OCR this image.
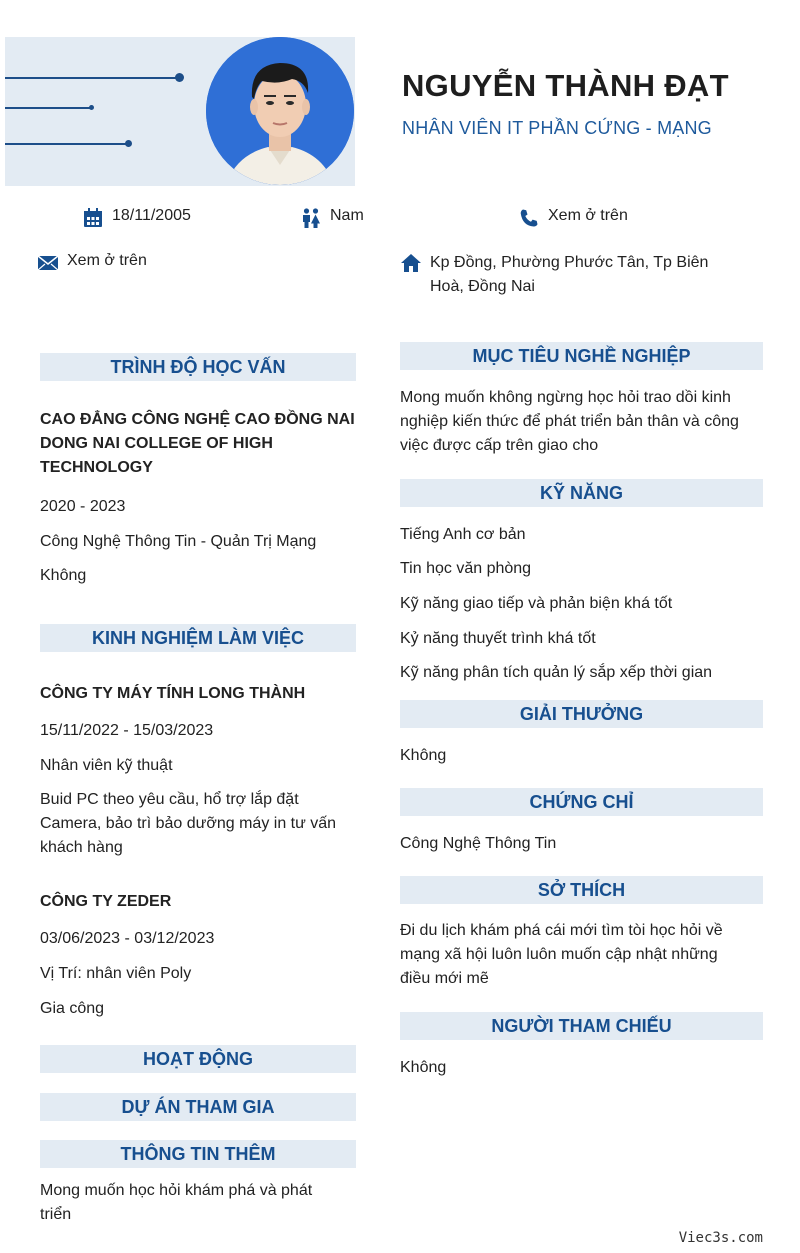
NGUYỄN THÀNH ĐẠT
NHÂN VIÊN IT PHẦN CỨNG - MẠNG
18/11/2005	Nam	Xem ở trên
Xem ở trên	Kp Đồng, Phường Phước Tân, Tp Biên
Hoà, Đồng Nai
TRÌNH ĐỘ HỌC VẤN
CAO ĐẲNG CÔNG NGHỆ CAO ĐỒNG NAI
DONG NAI COLLEGE OF HIGH
TECHNOLOGY
2020 - 2023
Công Nghệ Thông Tin - Quản Trị Mạng
Không
KINH NGHIỆM LÀM VIỆC
CÔNG TY MÁY TÍNH LONG THÀNH
15/11/2022 - 15/03/2023
Nhân viên kỹ thuật
Buid PC theo yêu cầu, hổ trợ lắp đặt
Camera, bảo trì bảo dưỡng máy in tư vấn
khách hàng
CÔNG TY ZEDER
03/06/2023 - 03/12/2023
Vị Trí: nhân viên Poly
Gia công
HOẠT ĐỘNG
DỰ ÁN THAM GIA
THÔNG TIN THÊM
Mong muốn học hỏi khám phá và phát
triển
MỤC TIÊU NGHỀ NGHIỆP
Mong muốn không ngừng học hỏi trao dồi kinh
nghiệp kiến thức để phát triển bản thân và công
việc được cấp trên giao cho
KỸ NĂNG
Tiếng Anh cơ bản
Tin học văn phòng
Kỹ năng giao tiếp và phản biện khá tốt
Kỷ năng thuyết trình khá tốt
Kỹ năng phân tích quản lý sắp xếp thời gian
GIẢI THƯỞNG
Không
CHỨNG CHỈ
Công Nghệ Thông Tin
SỞ THÍCH
Đi du lịch khám phá cái mới tìm tòi học hỏi về
mạng xã hội luôn luôn muốn cập nhật những
điều mới mẽ
NGƯỜI THAM CHIẾU
Không
Viec3s.com
